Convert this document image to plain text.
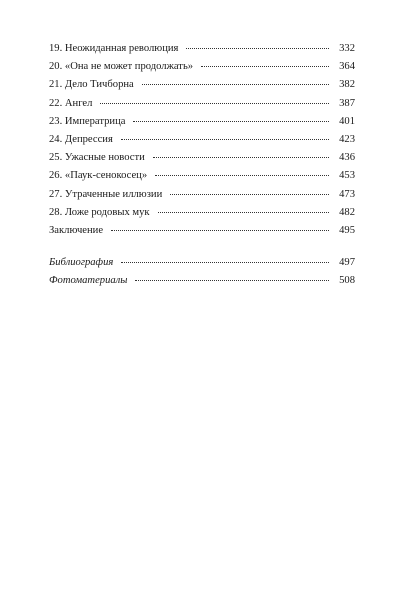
19. Неожиданная революция	332
20. «Она не может продолжать»	364
21. Дело Тичборна	382
22. Ангел	387
23. Императрица	401
24. Депрессия	423
25. Ужасные новости	436
26. «Паук-сенокосец»	453
27. Утраченные иллюзии	473
28. Ложе родовых мук	482
Заключение	495
Библиография	497
Фотоматериалы	508
